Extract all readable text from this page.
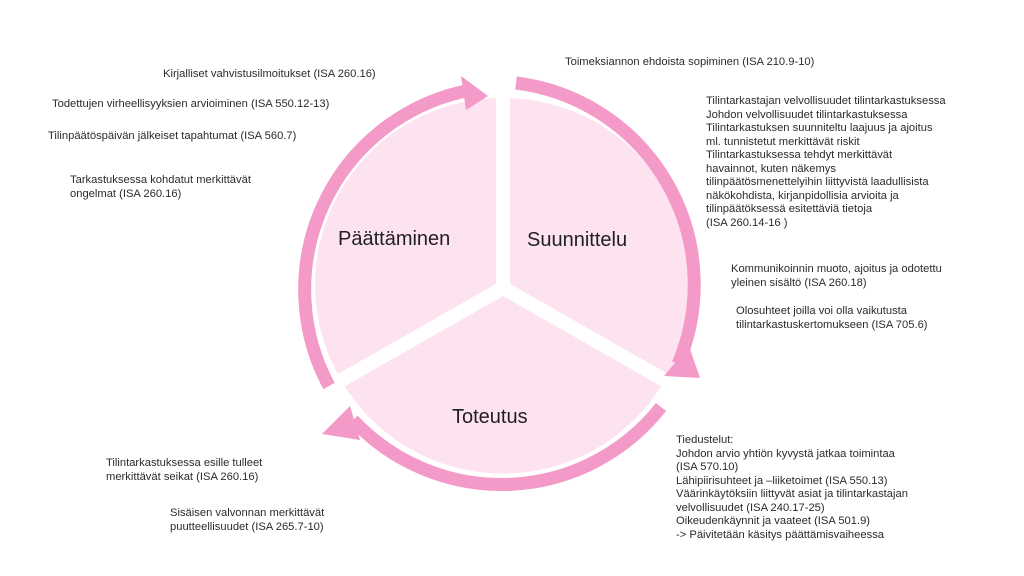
Päättäminen	Suunnittelu
Toteutus
Kirjalliset vahvistusilmoitukset (ISA 260.16)
Todettujen virheellisyyksien arvioiminen (ISA 550.12-13)
Tilinpäätöspäivän jälkeiset tapahtumat (ISA 560.7)
Tarkastuksessa kohdatut merkittävät
ongelmat (ISA 260.16)
Toimeksiannon ehdoista sopiminen (ISA 210.9-10)
Tilintarkastajan velvollisuudet tilintarkastuksessa
Johdon velvollisuudet tilintarkastuksessa
Tilintarkastuksen suunniteltu laajuus ja ajoitus
ml. tunnistetut merkittävät riskit
Tilintarkastuksessa tehdyt merkittävät
havainnot, kuten näkemys
tilinpäätösmenettelyihin liittyvistä laadullisista
näkökohdista, kirjanpidollisia arvioita ja
tilinpäätöksessä esitettäviä tietoja
(ISA 260.14-16 )
Kommunikoinnin muoto, ajoitus ja odotettu
yleinen sisältö (ISA 260.18)
Olosuhteet joilla voi olla vaikutusta
tilintarkastuskertomukseen (ISA 705.6)
Tiedustelut:
Johdon arvio yhtiön kyvystä jatkaa toimintaa
(ISA 570.10)
Lähipiirisuhteet ja –liiketoimet (ISA 550.13)
Väärinkäytöksiin liittyvät asiat ja tilintarkastajan
velvollisuudet (ISA 240.17-25)
Oikeudenkäynnit ja vaateet (ISA 501.9)
-> Päivitetään käsitys päättämisvaiheessa
Tilintarkastuksessa esille tulleet
merkittävät seikat (ISA 260.16)
Sisäisen valvonnan merkittävät
puutteellisuudet (ISA 265.7-10)
